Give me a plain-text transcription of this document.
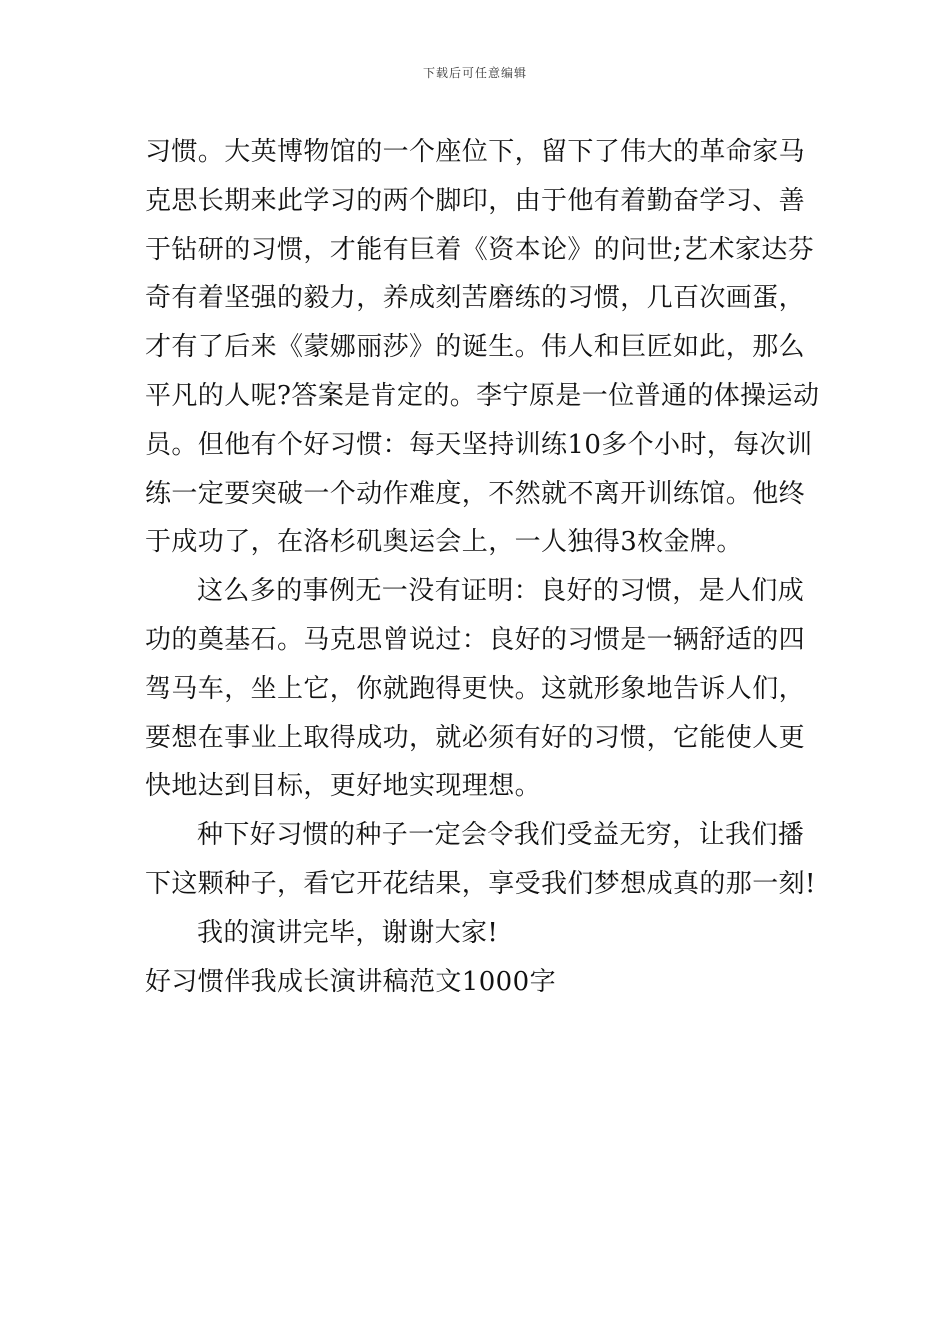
下载后可任意编辑
习惯。大英博物馆的一个座位下，留下了伟大的革命家马
克思长期来此学习的两个脚印，由于他有着勤奋学习、善
于钻研的习惯，才能有巨着《资本论》的问世;艺术家达芬
奇有着坚强的毅力，养成刻苦磨练的习惯，几百次画蛋，
才有了后来《蒙娜丽莎》的诞生。伟人和巨匠如此，那么
平凡的人呢?答案是肯定的。李宁原是一位普通的体操运动
员。但他有个好习惯：每天坚持训练10多个小时，每次训
练一定要突破一个动作难度，不然就不离开训练馆。他终
于成功了，在洛杉矶奥运会上，一人独得3枚金牌。
这么多的事例无一没有证明：良好的习惯，是人们成
功的奠基石。马克思曾说过：良好的习惯是一辆舒适的四
驾马车，坐上它，你就跑得更快。这就形象地告诉人们，
要想在事业上取得成功，就必须有好的习惯，它能使人更
快地达到目标，更好地实现理想。
种下好习惯的种子一定会令我们受益无穷，让我们播
下这颗种子，看它开花结果，享受我们梦想成真的那一刻!
我的演讲完毕，谢谢大家!
好习惯伴我成长演讲稿范文1000字
